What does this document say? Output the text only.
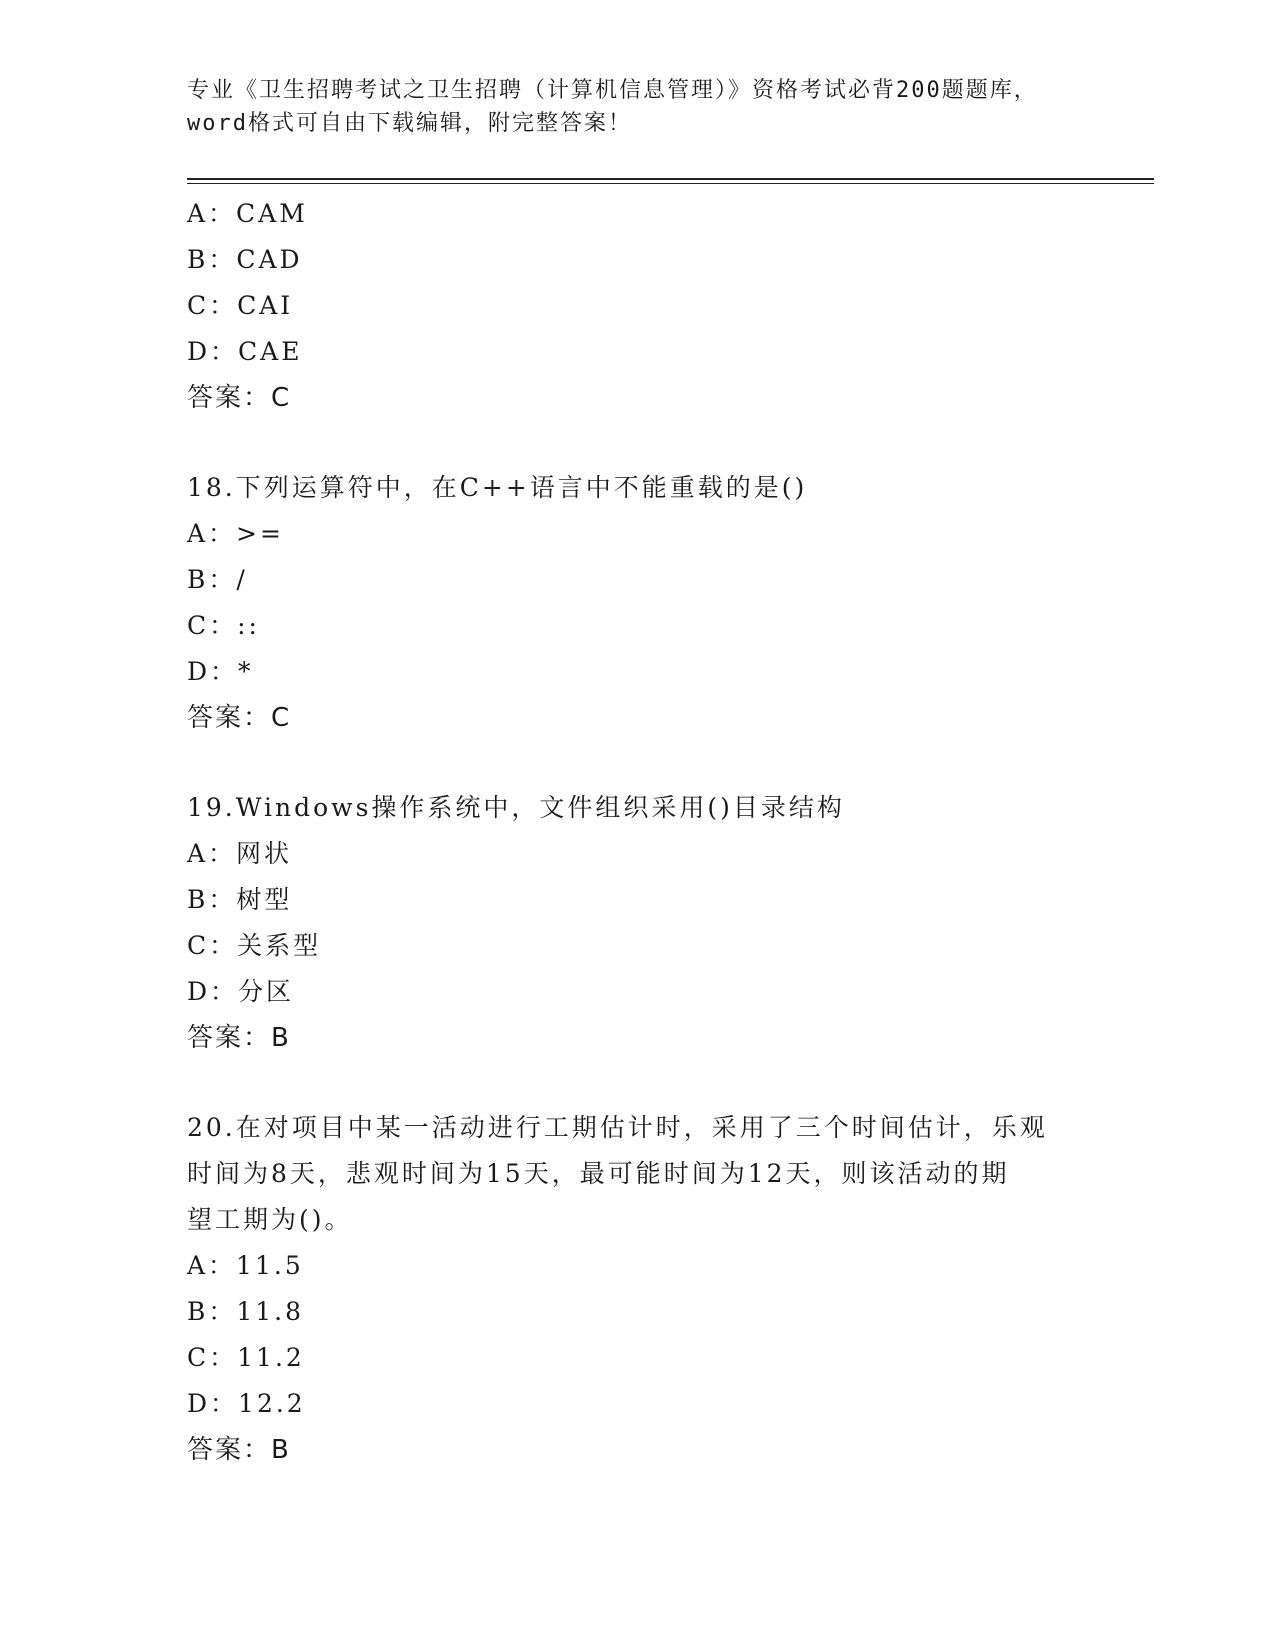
专业《卫生招聘考试之卫生招聘（计算机信息管理）》资格考试必背200题题库，
word格式可自由下载编辑，附完整答案！
A：CAM
B：CAD
C：CAI
D：CAE
答案：C
18.下列运算符中，在C++语言中不能重载的是()
A：>=
B：/
C：::
D：*
答案：C
19.Windows操作系统中，文件组织采用()目录结构
A：网状
B：树型
C：关系型
D：分区
答案：B
20.在对项目中某一活动进行工期估计时，采用了三个时间估计，乐观
时间为8天，悲观时间为15天，最可能时间为12天，则该活动的期
望工期为()。
A：11.5
B：11.8
C：11.2
D：12.2
答案：B
